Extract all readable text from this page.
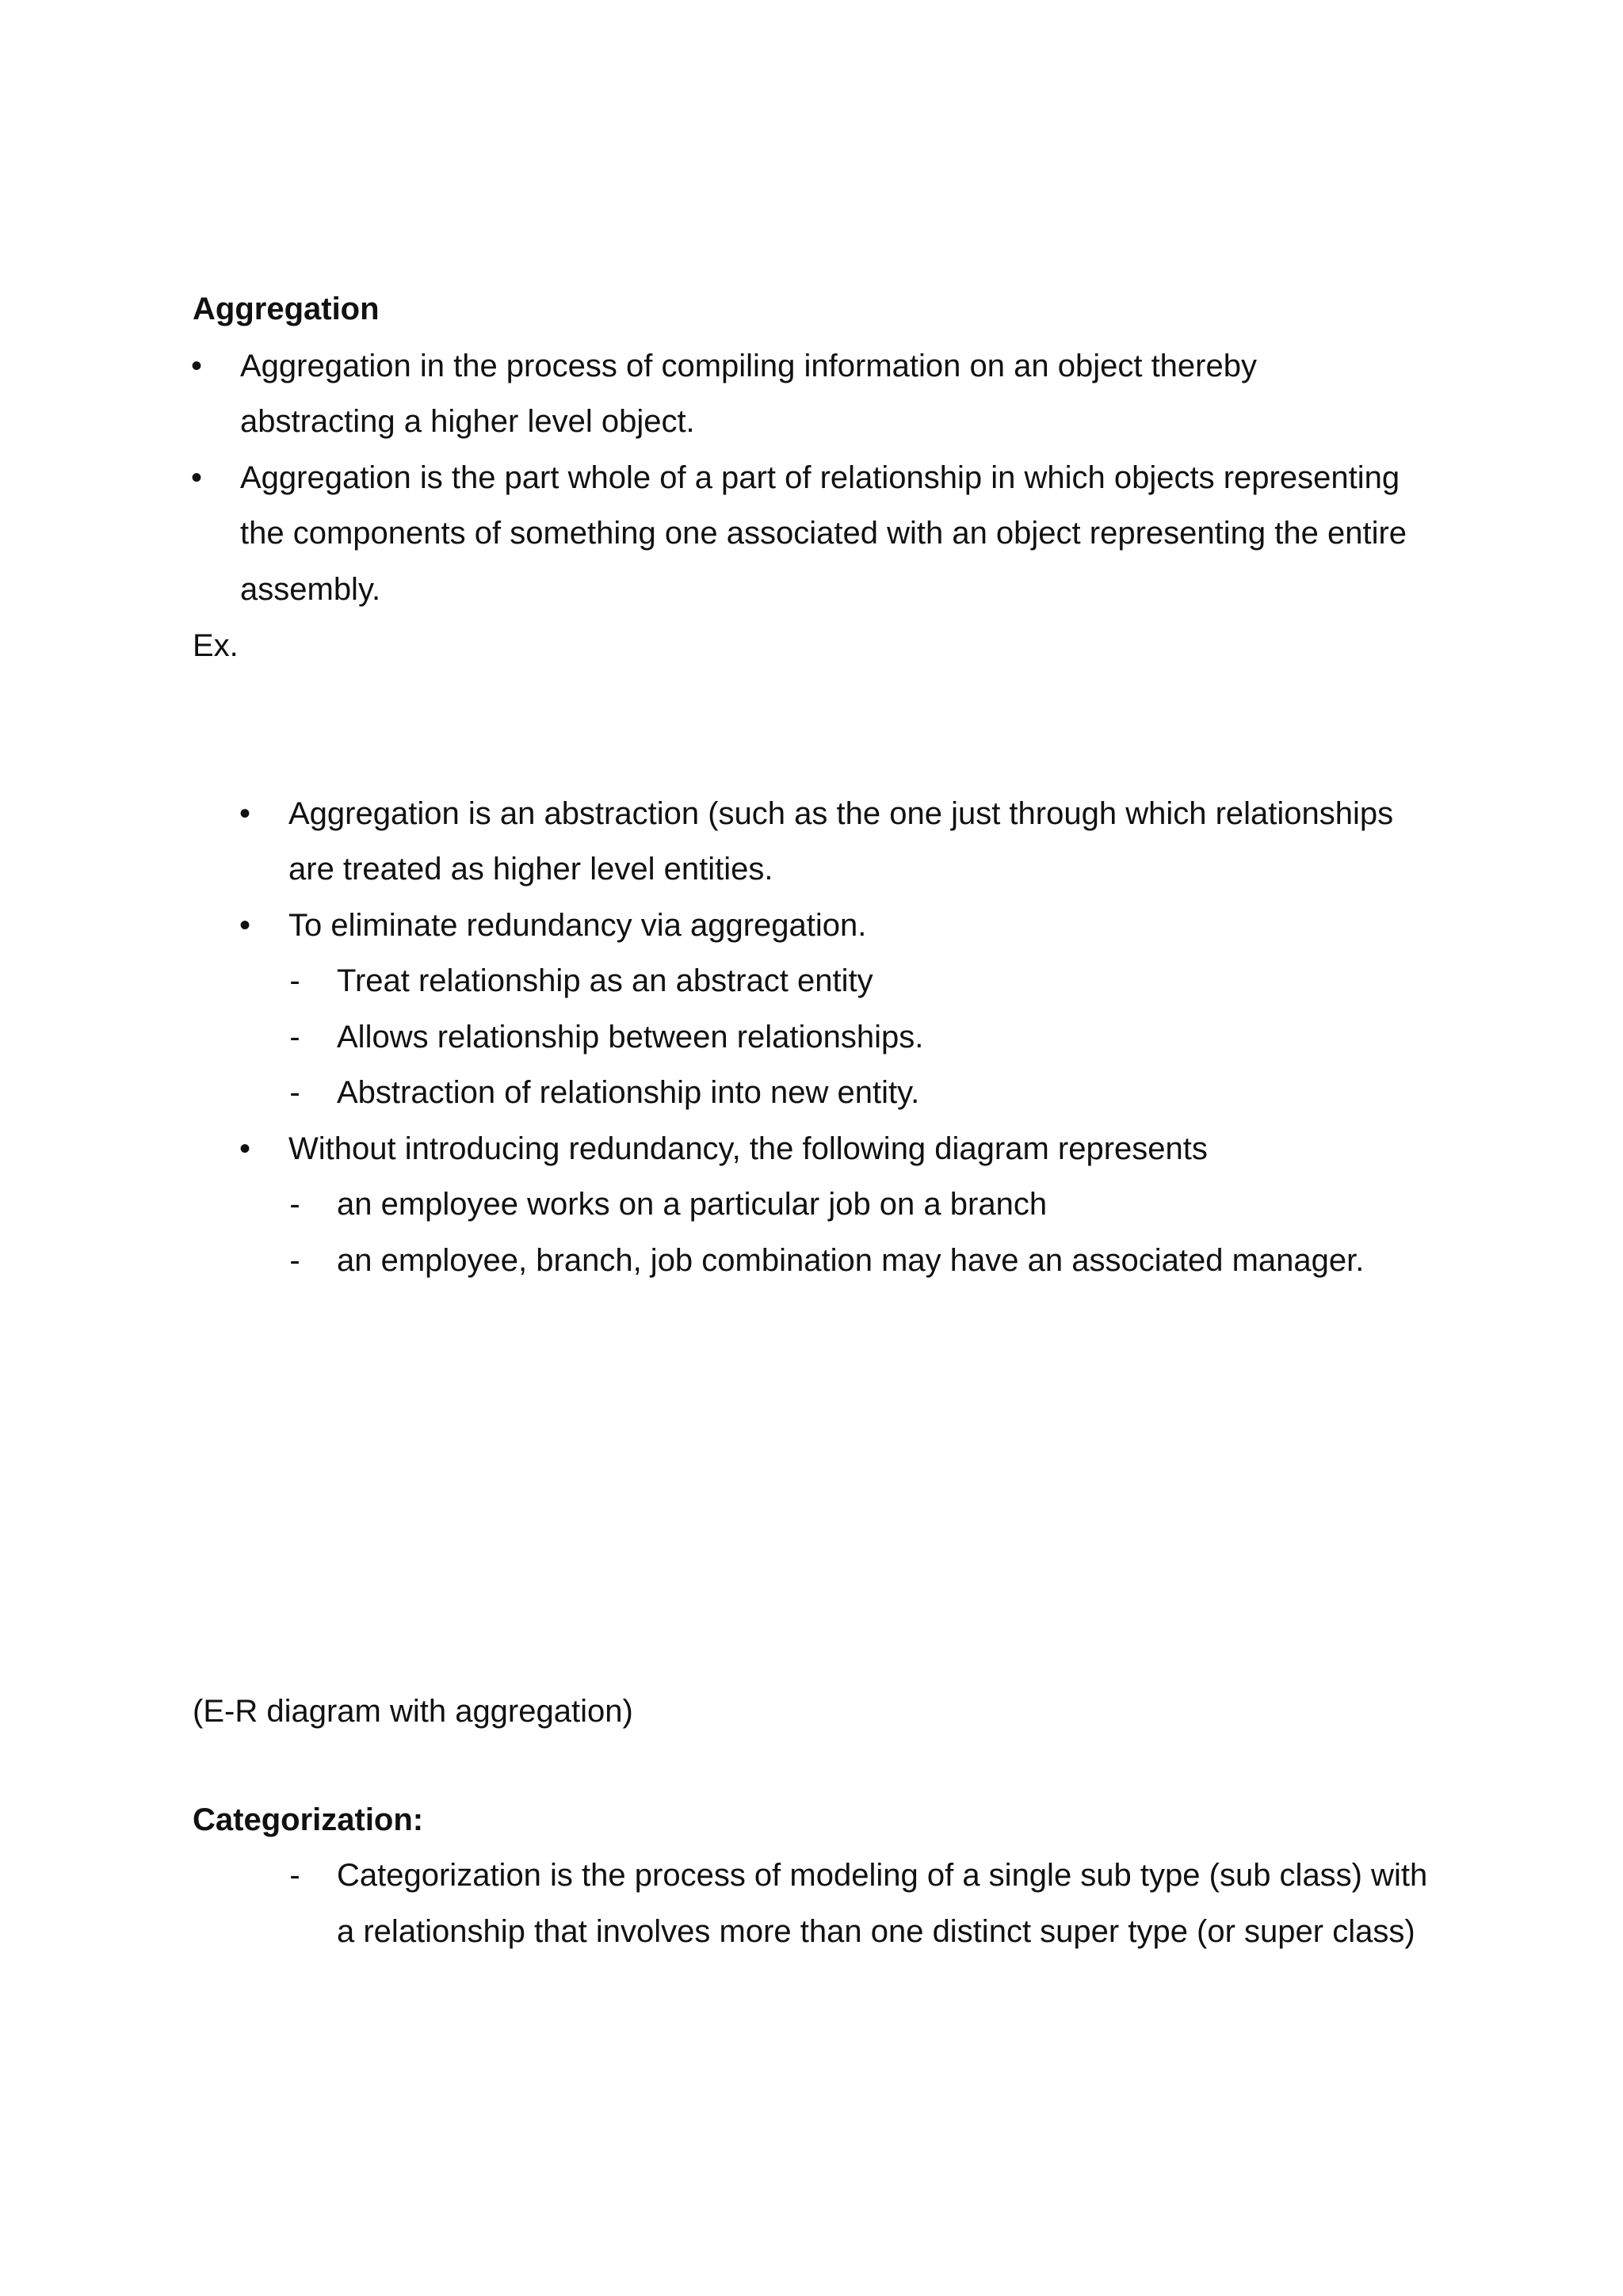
Aggregation
•	Aggregation in the process of compiling information on an object thereby
abstracting a higher level object.
•	Aggregation is the part whole of a part of relationship in which objects representing
the components of something one associated with an object representing the entire
assembly.
Ex.
•	Aggregation is an abstraction (such as the one just through which relationships
are treated as higher level entities.
•	To eliminate redundancy via aggregation.
- Treat relationship as an abstract entity
- Allows relationship between relationships.
- Abstraction of relationship into new entity.
•	Without introducing redundancy, the following diagram represents
- an employee works on a particular job on a branch
- an employee, branch, job combination may have an associated manager.
(E-R diagram with aggregation)
Categorization:
- Categorization is the process of modeling of a single sub type (sub class) with
a relationship that involves more than one distinct super type (or super class)
